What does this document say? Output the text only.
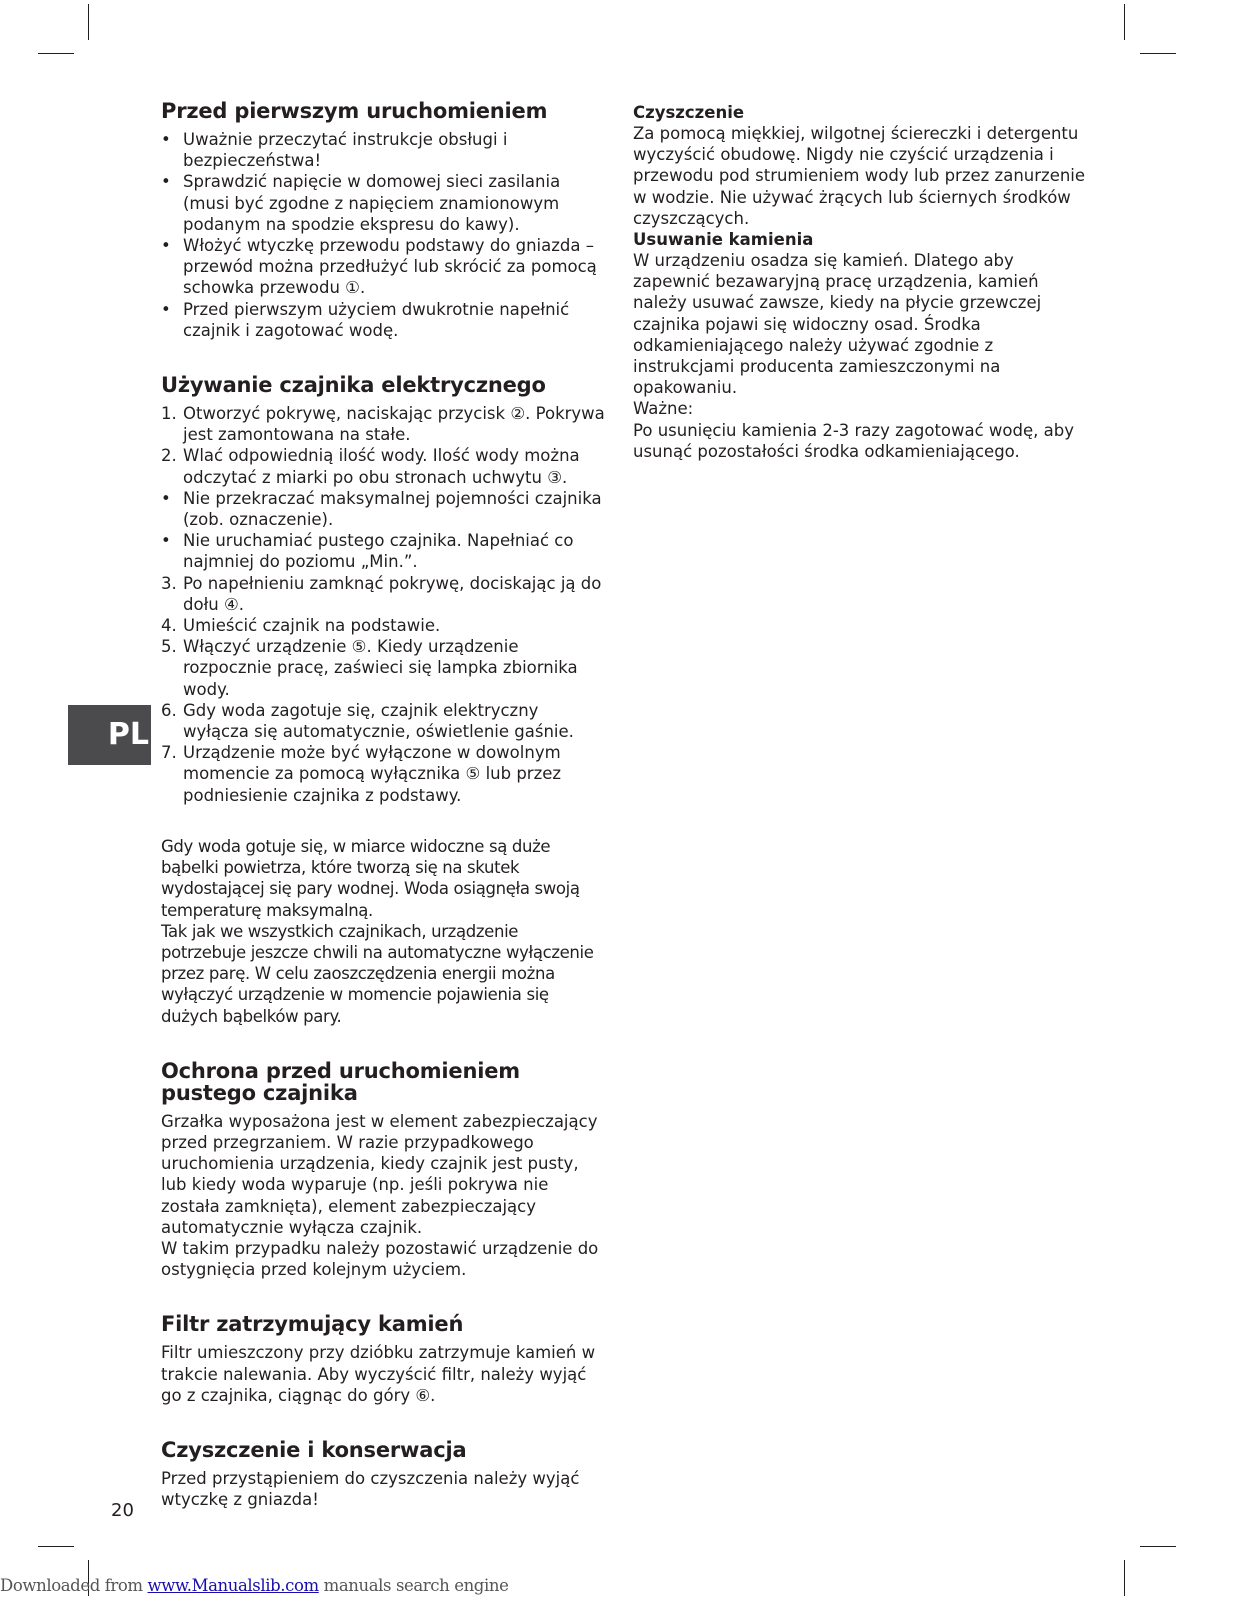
PL
Przed pierwszym uruchomieniem
• Uważnie przeczytać instrukcje obsługi i bezpieczeństwa!
• Sprawdzić napięcie w domowej sieci zasilania (musi być zgodne z napięciem znamionowym podanym na spodzie ekspresu do kawy).
• Włożyć wtyczkę przewodu podstawy do gniazda – przewód można przedłużyć lub skrócić za pomocą schowka przewodu ①.
• Przed pierwszym użyciem dwukrotnie napełnić czajnik i zagotować wodę.
Używanie czajnika elektrycznego
1. Otworzyć pokrywę, naciskając przycisk ②. Pokrywa jest zamontowana na stałe.
2. Wlać odpowiednią ilość wody. Ilość wody można odczytać z miarki po obu stronach uchwytu ③.
• Nie przekraczać maksymalnej pojemności czajnika (zob. oznaczenie).
• Nie uruchamiać pustego czajnika. Napełniać co najmniej do poziomu „Min.”.
3. Po napełnieniu zamknąć pokrywę, dociskając ją do dołu ④.
4. Umieścić czajnik na podstawie.
5. Włączyć urządzenie ⑤. Kiedy urządzenie rozpocznie pracę, zaświeci się lampka zbiornika wody.
6. Gdy woda zagotuje się, czajnik elektryczny wyłącza się automatycznie, oświetlenie gaśnie.
7. Urządzenie może być wyłączone w dowolnym momencie za pomocą wyłącznika ⑤ lub przez podniesienie czajnika z podstawy.

Gdy woda gotuje się, w miarce widoczne są duże bąbelki powietrza, które tworzą się na skutek wydostającej się pary wodnej. Woda osiągnęła swoją temperaturę maksymalną.

Tak jak we wszystkich czajnikach, urządzenie potrzebuje jeszcze chwili na automatyczne wyłączenie przez parę. W celu zaoszczędzenia energii można wyłączyć urządzenie w momencie pojawienia się dużych bąbelków pary.

Ochrona przed uruchomieniem
pustego czajnika

Grzałka wyposażona jest w element zabezpieczający przed przegrzaniem. W razie przypadkowego uruchomienia urządzenia, kiedy czajnik jest pusty, lub kiedy woda wyparuje (np. jeśli pokrywa nie została zamknięta), element zabezpieczający automatycznie wyłącza czajnik.

W takim przypadku należy pozostawić urządzenie do ostygnięcia przed kolejnym użyciem.

Filtr zatrzymujący kamień

Filtr umieszczony przy dzióbku zatrzymuje kamień w trakcie nalewania. Aby wyczyścić filtr, należy wyjąć go z czajnika, ciągnąc do góry ⑥.

Czyszczenie i konserwacja

Przed przystąpieniem do czyszczenia należy wyjąć wtyczkę z gniazda!

Czyszczenie

Za pomocą miękkiej, wilgotnej ściereczki i detergentu wyczyścić obudowę. Nigdy nie czyścić urządzenia i przewodu pod strumieniem wody lub przez zanurzenie w wodzie. Nie używać żrących lub ściernych środków czyszczących.

Usuwanie kamienia

W urządzeniu osadza się kamień. Dlatego aby zapewnić bezawaryjną pracę urządzenia, kamień należy usuwać zawsze, kiedy na płycie grzewczej czajnika pojawi się widoczny osad. Środka odkamieniającego należy używać zgodnie z instrukcjami producenta zamieszczonymi na opakowaniu.

Ważne:

Po usunięciu kamienia 2-3 razy zagotować wodę, aby usunąć pozostałości środka odkamieniającego.

20
Downloaded from www.Manualslib.com manuals search engine
